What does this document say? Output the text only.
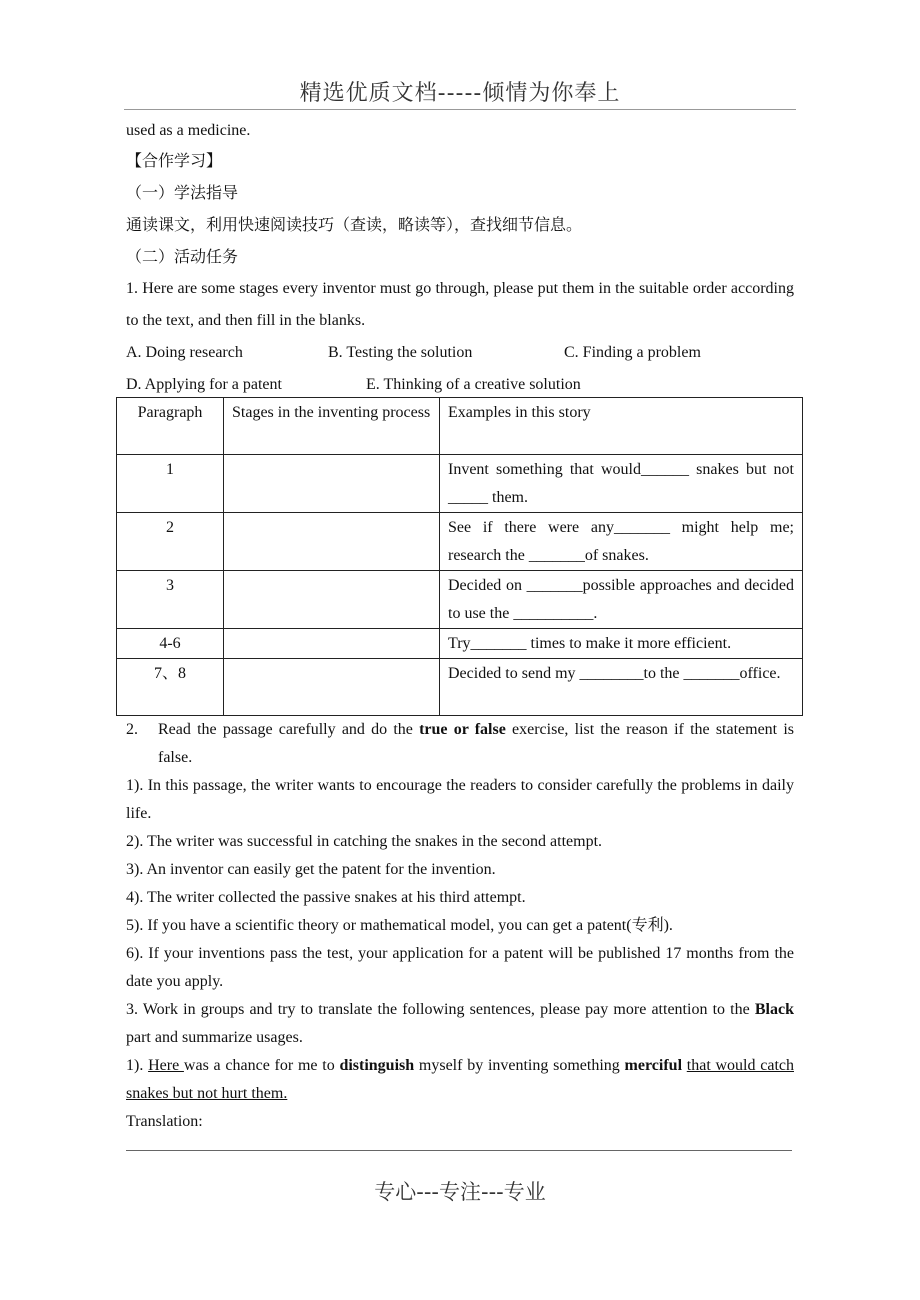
精选优质文档-----倾情为你奉上

used as a medicine.

【合作学习】

（一）学法指导

通读课文，利用快速阅读技巧（查读，略读等），查找细节信息。

（二）活动任务

1. Here are some stages every inventor must go through, please put them in the suitable order according to the text, and then fill in the blanks.

A. Doing research	B. Testing the solution	C. Finding a problem
D. Applying for a patent	E. Thinking of a creative solution
Paragraph	Stages in the inventing process	Examples in this story
1		Invent something that would______ snakes but not _____ them.
2		See if there were any_______ might help me; research the _______of snakes.
3		Decided on _______possible approaches and decided to use the __________.
4-6		Try_______ times to make it more efficient.
7、8		Decided to send my ________to the _______office.

2. Read the passage carefully and do the true or false exercise, list the reason if the statement is false.

1). In this passage, the writer wants to encourage the readers to consider carefully the problems in daily life.

2). The writer was successful in catching the snakes in the second attempt.

3). An inventor can easily get the patent for the invention.

4). The writer collected the passive snakes at his third attempt.

5). If you have a scientific theory or mathematical model, you can get a patent(专利).

6). If your inventions pass the test, your application for a patent will be published 17 months from the date you apply.

3. Work in groups and try to translate the following sentences, please pay more attention to the Black part and summarize usages.

1). Here was a chance for me to distinguish myself by inventing something merciful that would catch snakes but not hurt them.

Translation:

专心---专注---专业
